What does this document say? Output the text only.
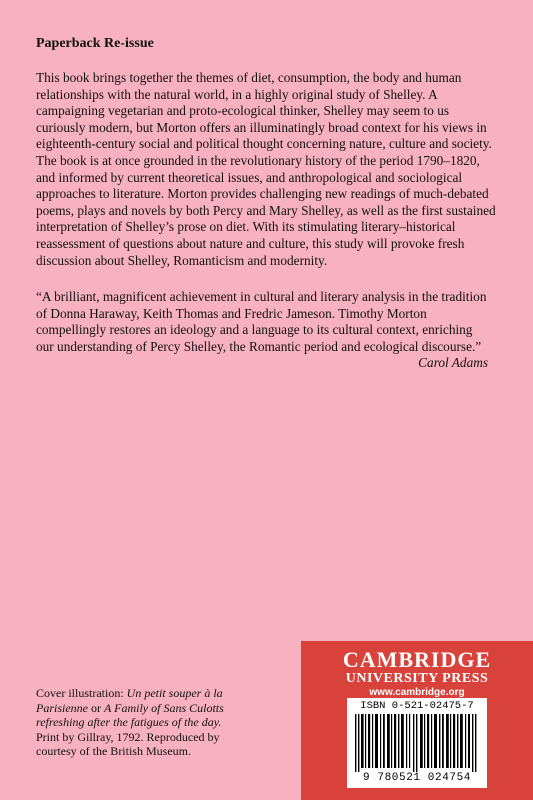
Paperback Re-issue

This book brings together the themes of diet, consumption, the body and human relationships with the natural world, in a highly original study of Shelley. A campaigning vegetarian and proto-ecological thinker, Shelley may seem to us curiously modern, but Morton offers an illuminatingly broad context for his views in eighteenth-century social and political thought concerning nature, culture and society. The book is at once grounded in the revolutionary history of the period 1790–1820, and informed by current theoretical issues, and anthropological and sociological approaches to literature. Morton provides challenging new readings of much-debated poems, plays and novels by both Percy and Mary Shelley, as well as the first sustained interpretation of Shelley’s prose on diet. With its stimulating literary–historical reassessment of questions about nature and culture, this study will provoke fresh discussion about Shelley, Romanticism and modernity.

“A brilliant, magnificent achievement in cultural and literary analysis in the tradition of Donna Haraway, Keith Thomas and Fredric Jameson. Timothy Morton compellingly restores an ideology and a language to its cultural context, enriching our understanding of Percy Shelley, the Romantic period and ecological discourse.”
Carol Adams

Cover illustration: Un petit souper à la Parisienne or A Family of Sans Culotts refreshing after the fatigues of the day. Print by Gillray, 1792. Reproduced by courtesy of the British Museum.

CAMBRIDGE
UNIVERSITY PRESS
www.cambridge.org
ISBN 0-521-02475-7
9 780521 024754
